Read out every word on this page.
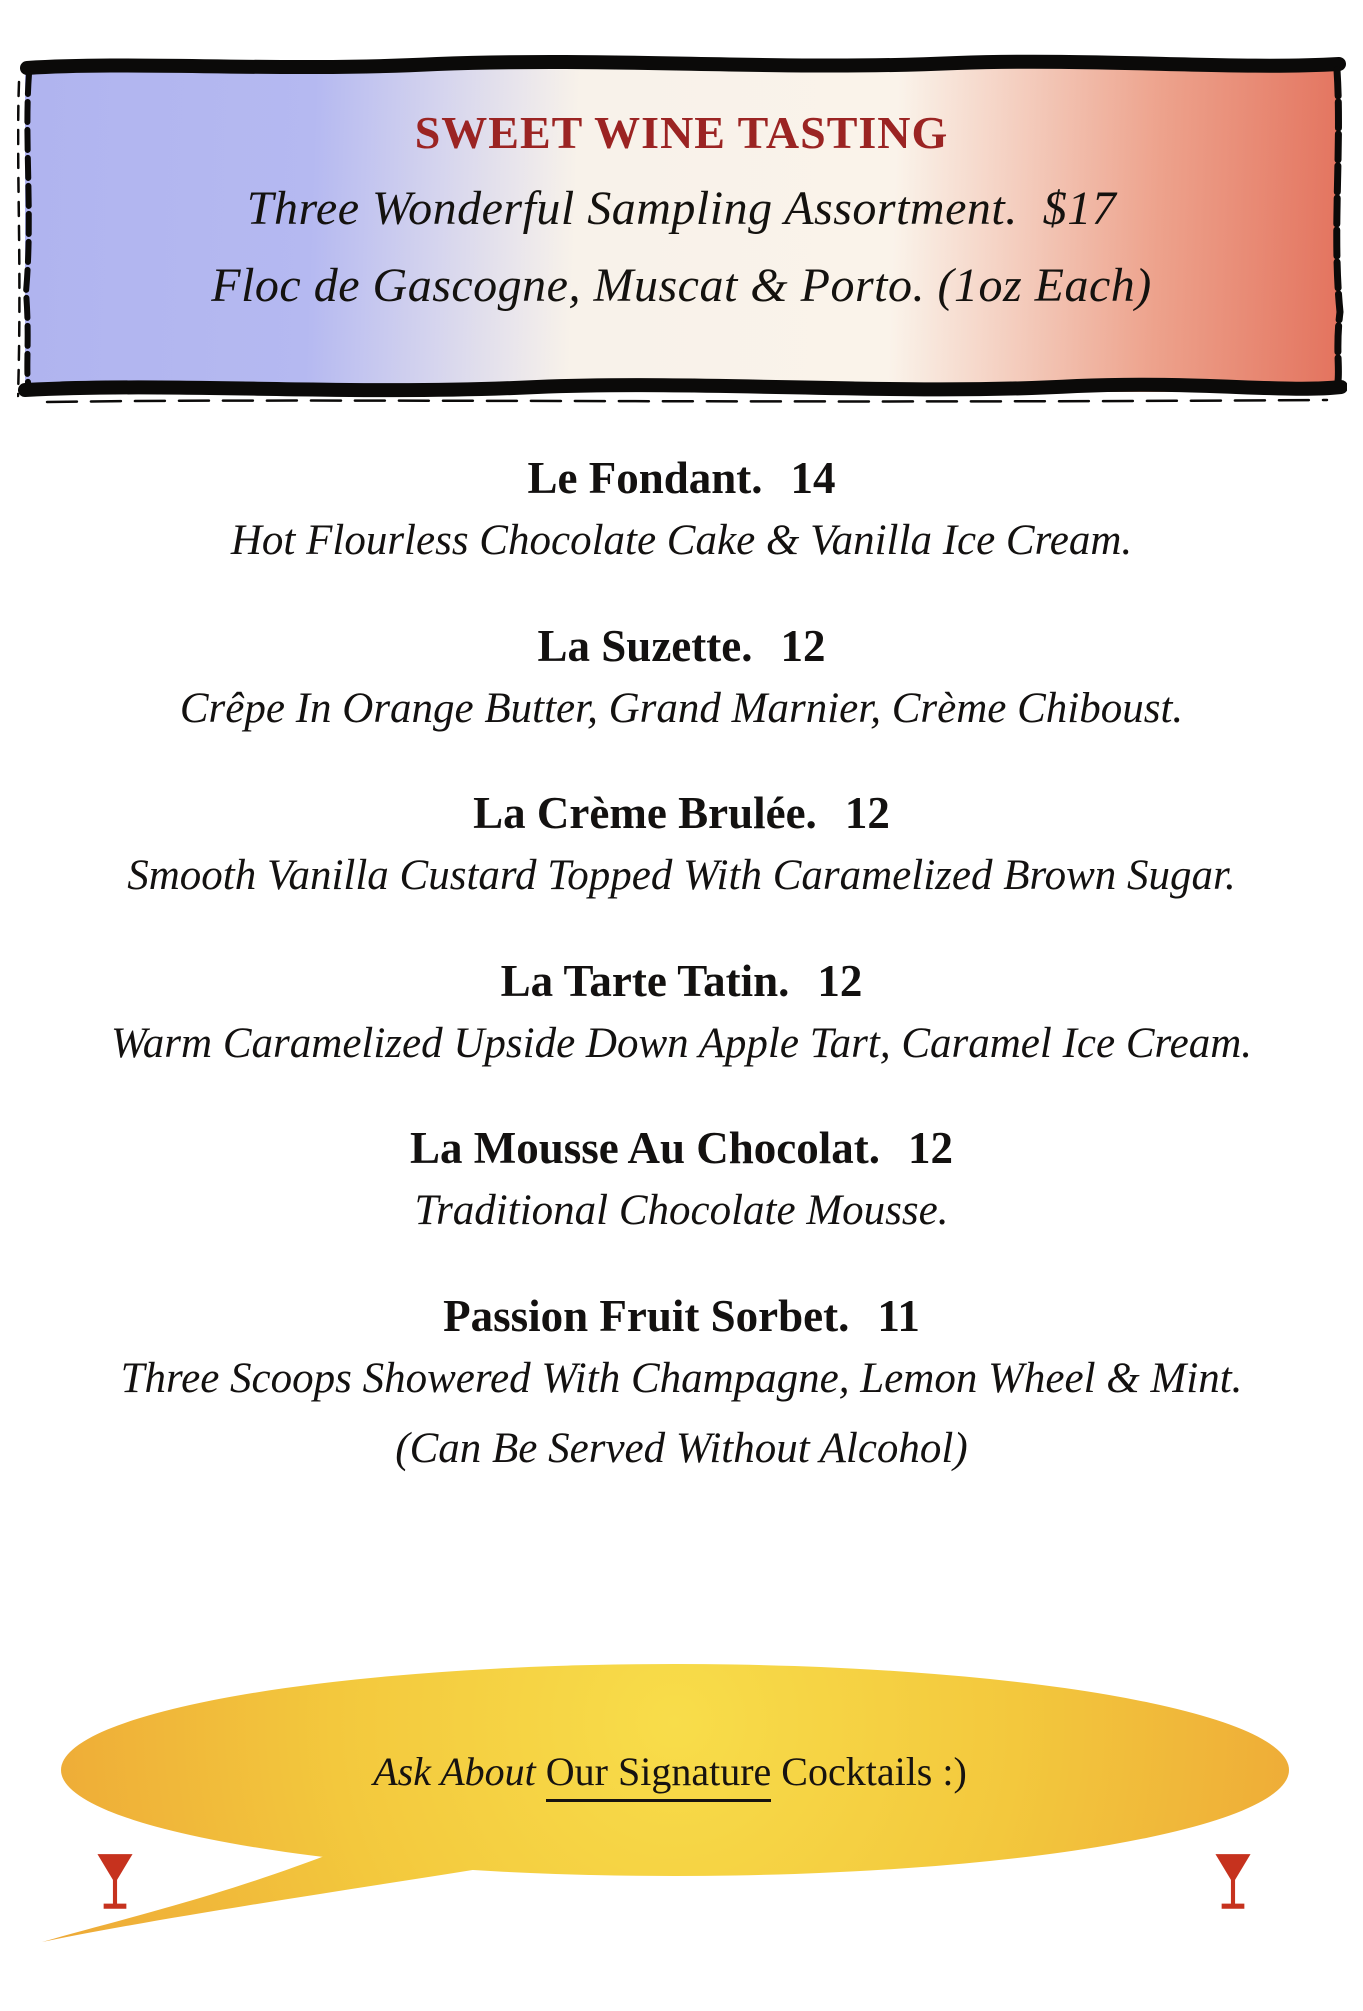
SWEET WINE TASTING
Three Wonderful Sampling Assortment.  $17
Floc de Gascogne, Muscat & Porto. (1oz Each)
Le Fondant. 14
Hot Flourless Chocolate Cake & Vanilla Ice Cream.
La Suzette. 12
Crêpe In Orange Butter, Grand Marnier, Crème Chiboust.
La Crème Brulée. 12
Smooth Vanilla Custard Topped With Caramelized Brown Sugar.
La Tarte Tatin. 12
Warm Caramelized Upside Down Apple Tart, Caramel Ice Cream.
La Mousse Au Chocolat. 12
Traditional Chocolate Mousse.
Passion Fruit Sorbet. 11
Three Scoops Showered With Champagne, Lemon Wheel & Mint.
(Can Be Served Without Alcohol)
Ask About Our Signature Cocktails :)
